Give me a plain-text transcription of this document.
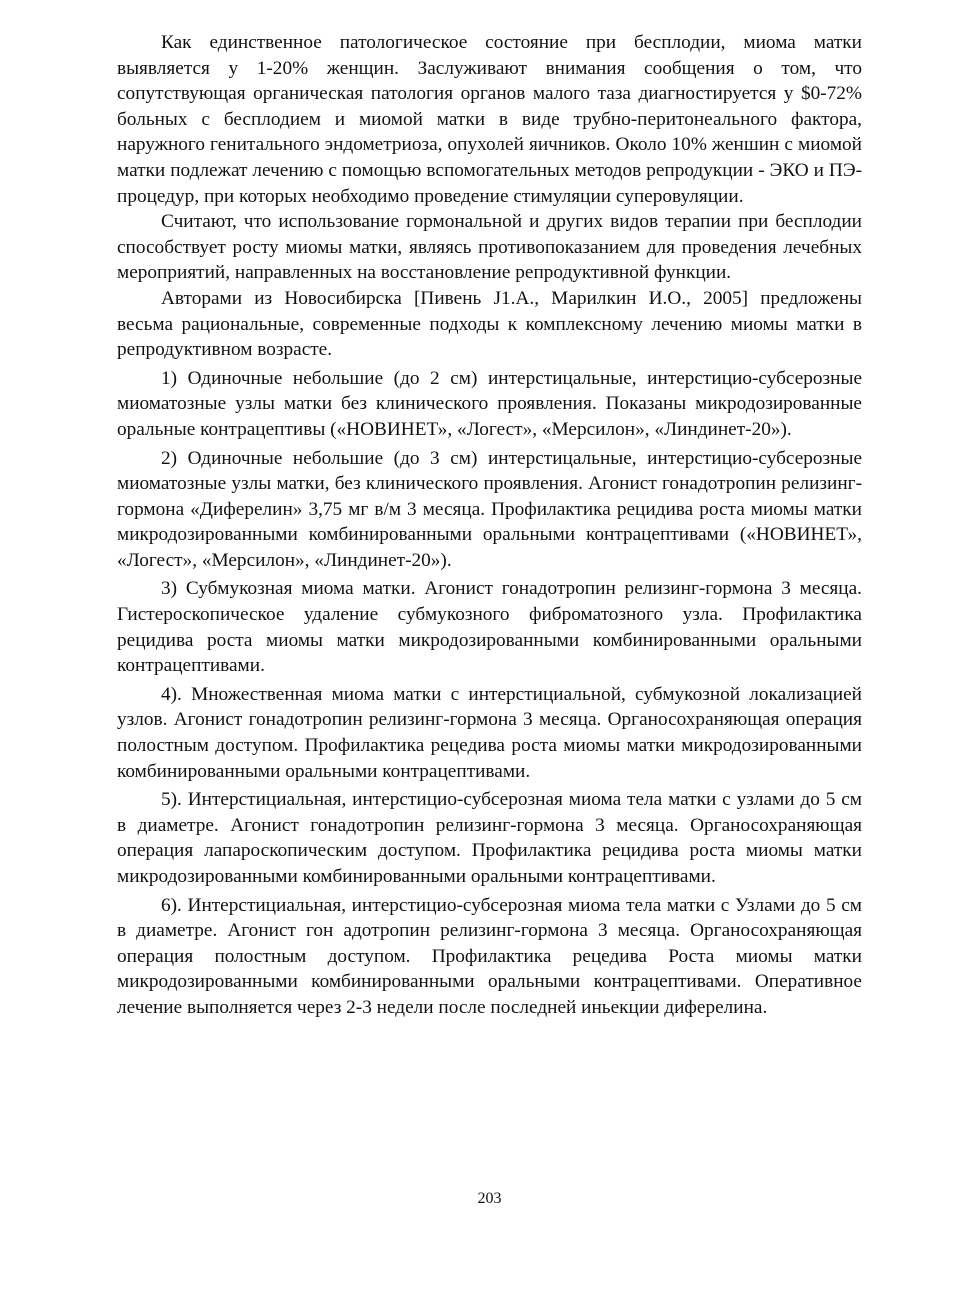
Как единственное патологическое состояние при бесплодии, миома матки выявляется у 1-20% женщин. Заслуживают внимания сообщения о том, что сопутствующая органическая патология органов малого таза диагностируется у $0-72% больных с бесплодием и миомой матки в виде трубно-перитонеального фактора, наружного генитального эндометриоза, опухолей яичников. Около 10% женшин с миомой матки подлежат лечению с помощью вспомогательных методов репродукции - ЭКО и ПЭ-процедур, при которых необходимо проведение стимуляции суперовуляции.

Считают, что использование гормональной и других видов терапии при бесплодии способствует росту миомы матки, являясь противопоказанием для проведения лечебных мероприятий, направленных на восстановление репродуктивной функции.

Авторами из Новосибирска [Пивень J1.А., Марилкин И.О., 2005] предложены весьма рациональные, современные подходы к комплексному лечению миомы матки в репродуктивном возрасте.

1) Одиночные небольшие (до 2 см) интерстицальные, интерстицио-субсерозные миоматозные узлы матки без клинического проявления. Показаны микродозированные оральные контрацептивы («НОВИНЕТ», «Логест», «Мерсилон», «Линдинет-20»).

2) Одиночные небольшие (до 3 см) интерстицальные, интерстицио-субсерозные миоматозные узлы матки, без клинического проявления. Агонист гонадотропин релизинг-гормона «Диферелин» 3,75 мг в/м 3 месяца. Профилактика рецидива роста миомы матки микродозированными комбинированными оральными контрацептивами («НОВИНЕТ», «Логест», «Мерсилон», «Линдинет-20»).

3) Субмукозная миома матки. Агонист гонадотропин релизинг-гормона 3 месяца. Гистероскопическое удаление субмукозного фиброматозного узла. Профилактика рецидива роста миомы матки микродозированными комбинированными оральными контрацептивами.

4). Множественная миома матки с интерстициальной, субмукозной локализацией узлов. Агонист гонадотропин релизинг-гормона 3 месяца. Органосохраняющая операция полостным доступом. Профилактика рецедива роста миомы матки микродозированными комбинированными оральными контрацептивами.

5). Интерстициальная, интерстицио-субсерозная миома тела матки с узлами до 5 см в диаметре. Агонист гонадотропин релизинг-гормона 3 месяца. Органосохраняющая операция лапароскопическим доступом. Профилактика рецидива роста миомы матки микродозированными комбинированными оральными контрацептивами.

6). Интерстициальная, интерстицио-субсерозная миома тела матки с Узлами до 5 см в диаметре. Агонист гон адотропин релизинг-гормона 3 месяца. Органосохраняющая операция полостным доступом. Профилактика рецедива Роста миомы матки микродозированными комбинированными оральными контрацептивами. Оперативное лечение выполняется через 2-3 недели после последней иньекции диферелина.

203
